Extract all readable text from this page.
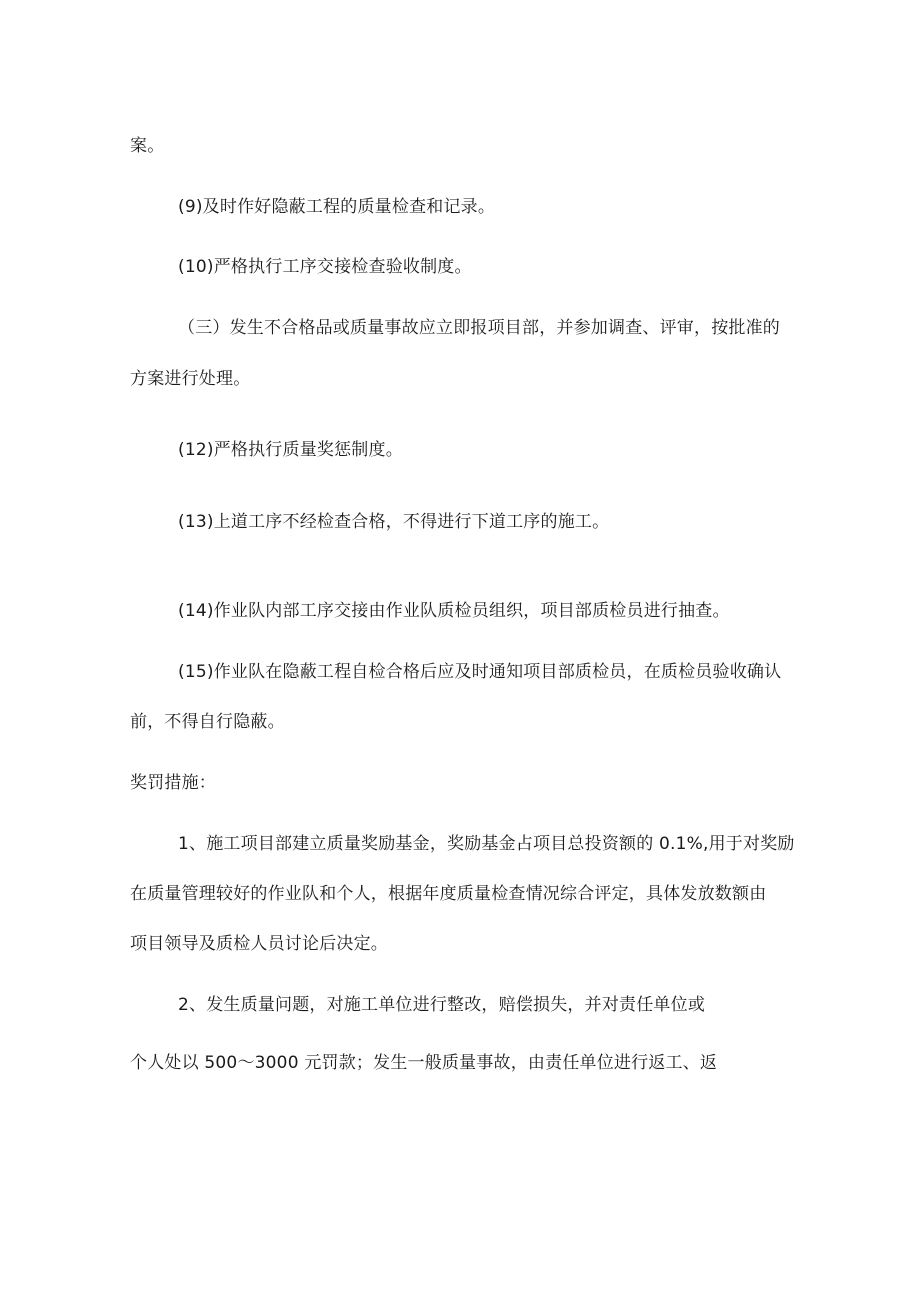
案。
(9)及时作好隐蔽工程的质量检查和记录。
(10)严格执行工序交接检查验收制度。
（三）发生不合格品或质量事故应立即报项目部，并参加调查、评审，按批准的
方案进行处理。
(12)严格执行质量奖惩制度。
(13)上道工序不经检查合格，不得进行下道工序的施工。
(14)作业队内部工序交接由作业队质检员组织，项目部质检员进行抽查。
(15)作业队在隐蔽工程自检合格后应及时通知项目部质检员，在质检员验收确认
前，不得自行隐蔽。
奖罚措施：
1、施工项目部建立质量奖励基金，奖励基金占项目总投资额的 0.1%,用于对奖励
在质量管理较好的作业队和个人，根据年度质量检查情况综合评定，具体发放数额由
项目领导及质检人员讨论后决定。
2、发生质量问题，对施工单位进行整改，赔偿损失，并对责任单位或
个人处以 500～3000 元罚款；发生一般质量事故，由责任单位进行返工、返
